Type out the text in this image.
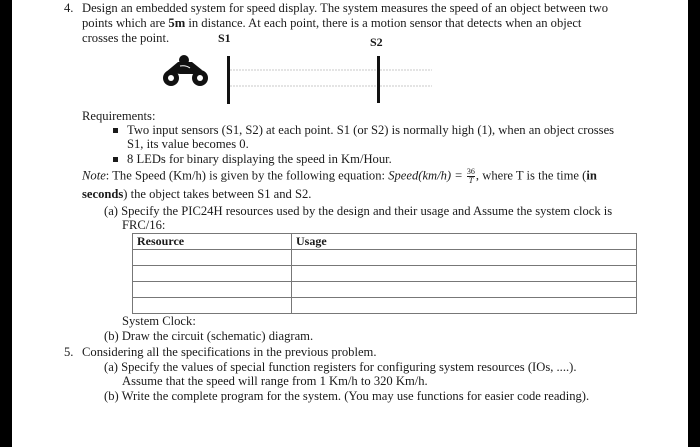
4. Design an embedded system for speed display. The system measures the speed of an object between two
points which are 5m in distance. At each point, there is a motion sensor that detects when an object
crosses the point.	S1	S2
Requirements:
Two input sensors (S1, S2) at each point. S1 (or S2) is normally high (1), when an object crosses
S1, its value becomes 0.
8 LEDs for binary displaying the speed in Km/Hour.
Note: The Speed (Km/h) is given by the following equation: Speed(km/h) = $\frac{36}{T}$ , where T is the time (in
seconds) the object takes between S1 and S2.
(a) Specify the PIC24H resources used by the design and their usage and Assume the system clock is
FRC/16:
Resource	Usage

System Clock:
(b) Draw the circuit (schematic) diagram.
5. Considering all the specifications in the previous problem.
(a) Specify the values of special function registers for configuring system resources (IOs, ....).
Assume that the speed will range from 1 Km/h to 320 Km/h.
(b) Write the complete program for the system. (You may use functions for easier code reading).
